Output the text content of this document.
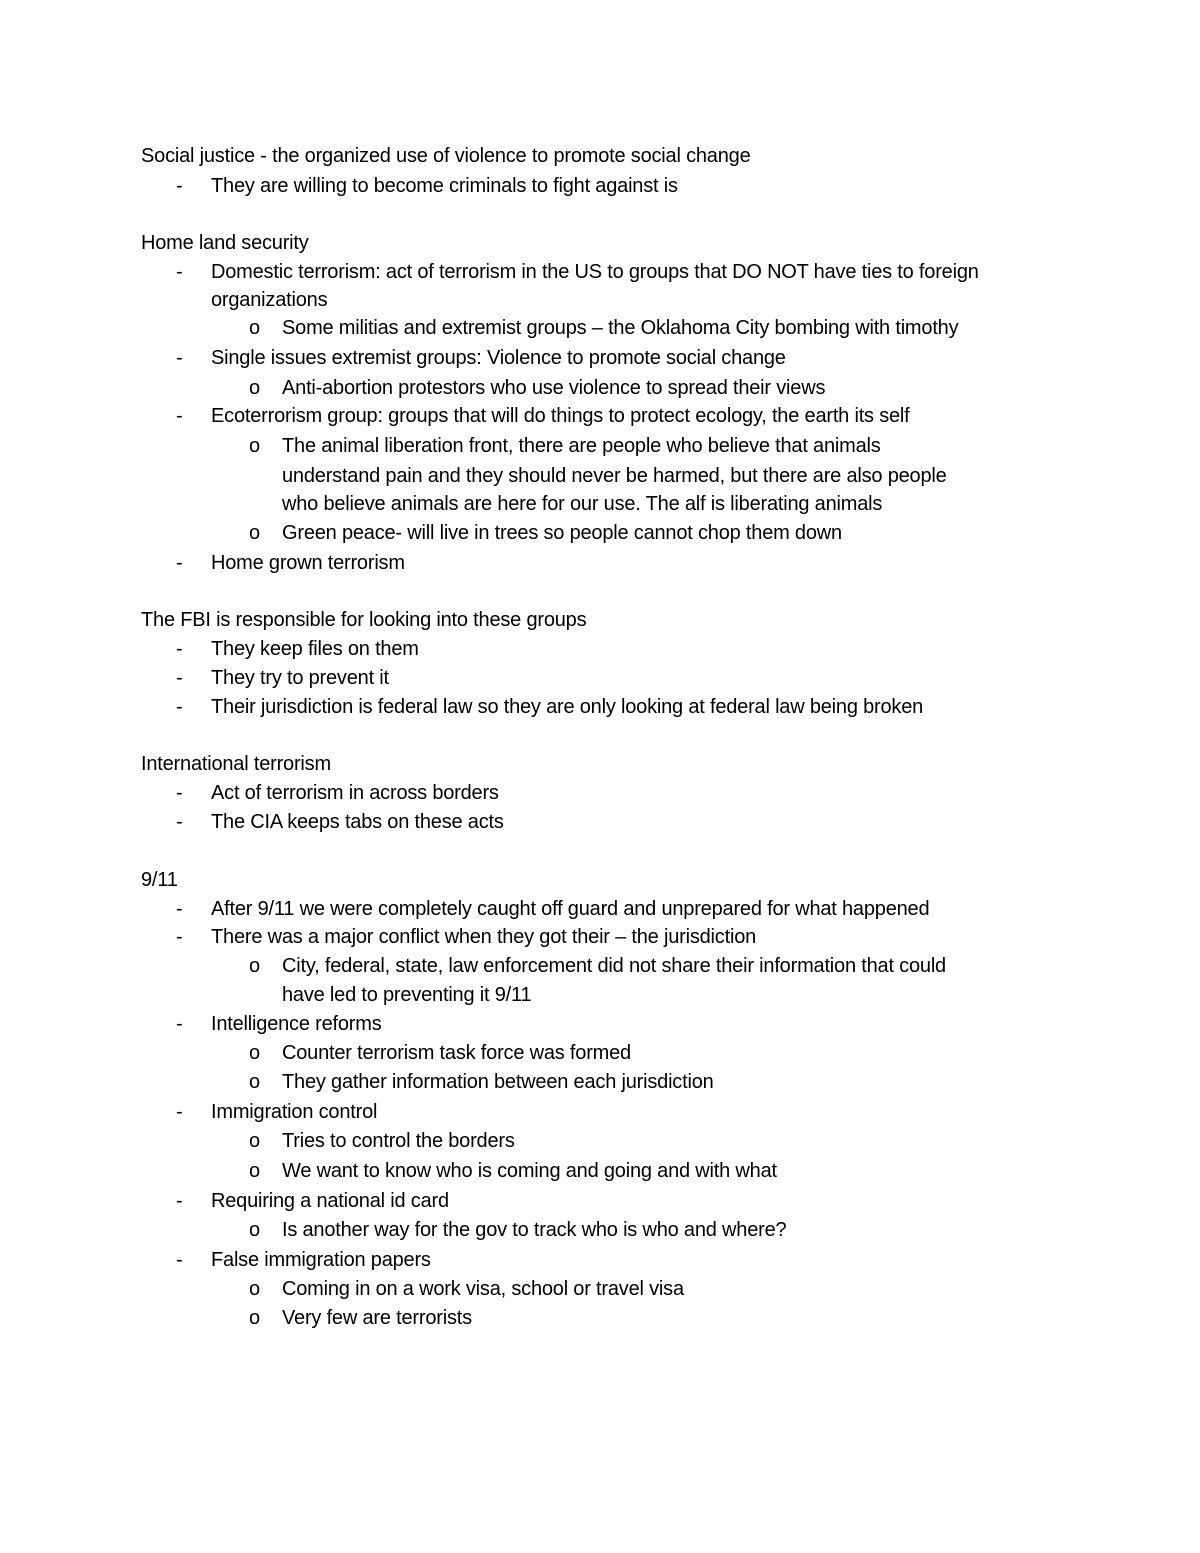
Social justice - the organized use of violence to promote social change
- They are willing to become criminals to fight against is
Home land security
- Domestic terrorism: act of terrorism in the US to groups that DO NOT have ties to foreign
organizations
o Some militias and extremist groups – the Oklahoma City bombing with timothy
- Single issues extremist groups: Violence to promote social change
o Anti-abortion protestors who use violence to spread their views
- Ecoterrorism group: groups that will do things to protect ecology, the earth its self
o The animal liberation front, there are people who believe that animals
understand pain and they should never be harmed, but there are also people
who believe animals are here for our use. The alf is liberating animals
o Green peace- will live in trees so people cannot chop them down
- Home grown terrorism
The FBI is responsible for looking into these groups
- They keep files on them
- They try to prevent it
- Their jurisdiction is federal law so they are only looking at federal law being broken
International terrorism
- Act of terrorism in across borders
- The CIA keeps tabs on these acts
9/11
- After 9/11 we were completely caught off guard and unprepared for what happened
- There was a major conflict when they got their – the jurisdiction
o City, federal, state, law enforcement did not share their information that could
have led to preventing it 9/11
- Intelligence reforms
o Counter terrorism task force was formed
o They gather information between each jurisdiction
- Immigration control
o Tries to control the borders
o We want to know who is coming and going and with what
- Requiring a national id card
o Is another way for the gov to track who is who and where?
- False immigration papers
o Coming in on a work visa, school or travel visa
o Very few are terrorists
